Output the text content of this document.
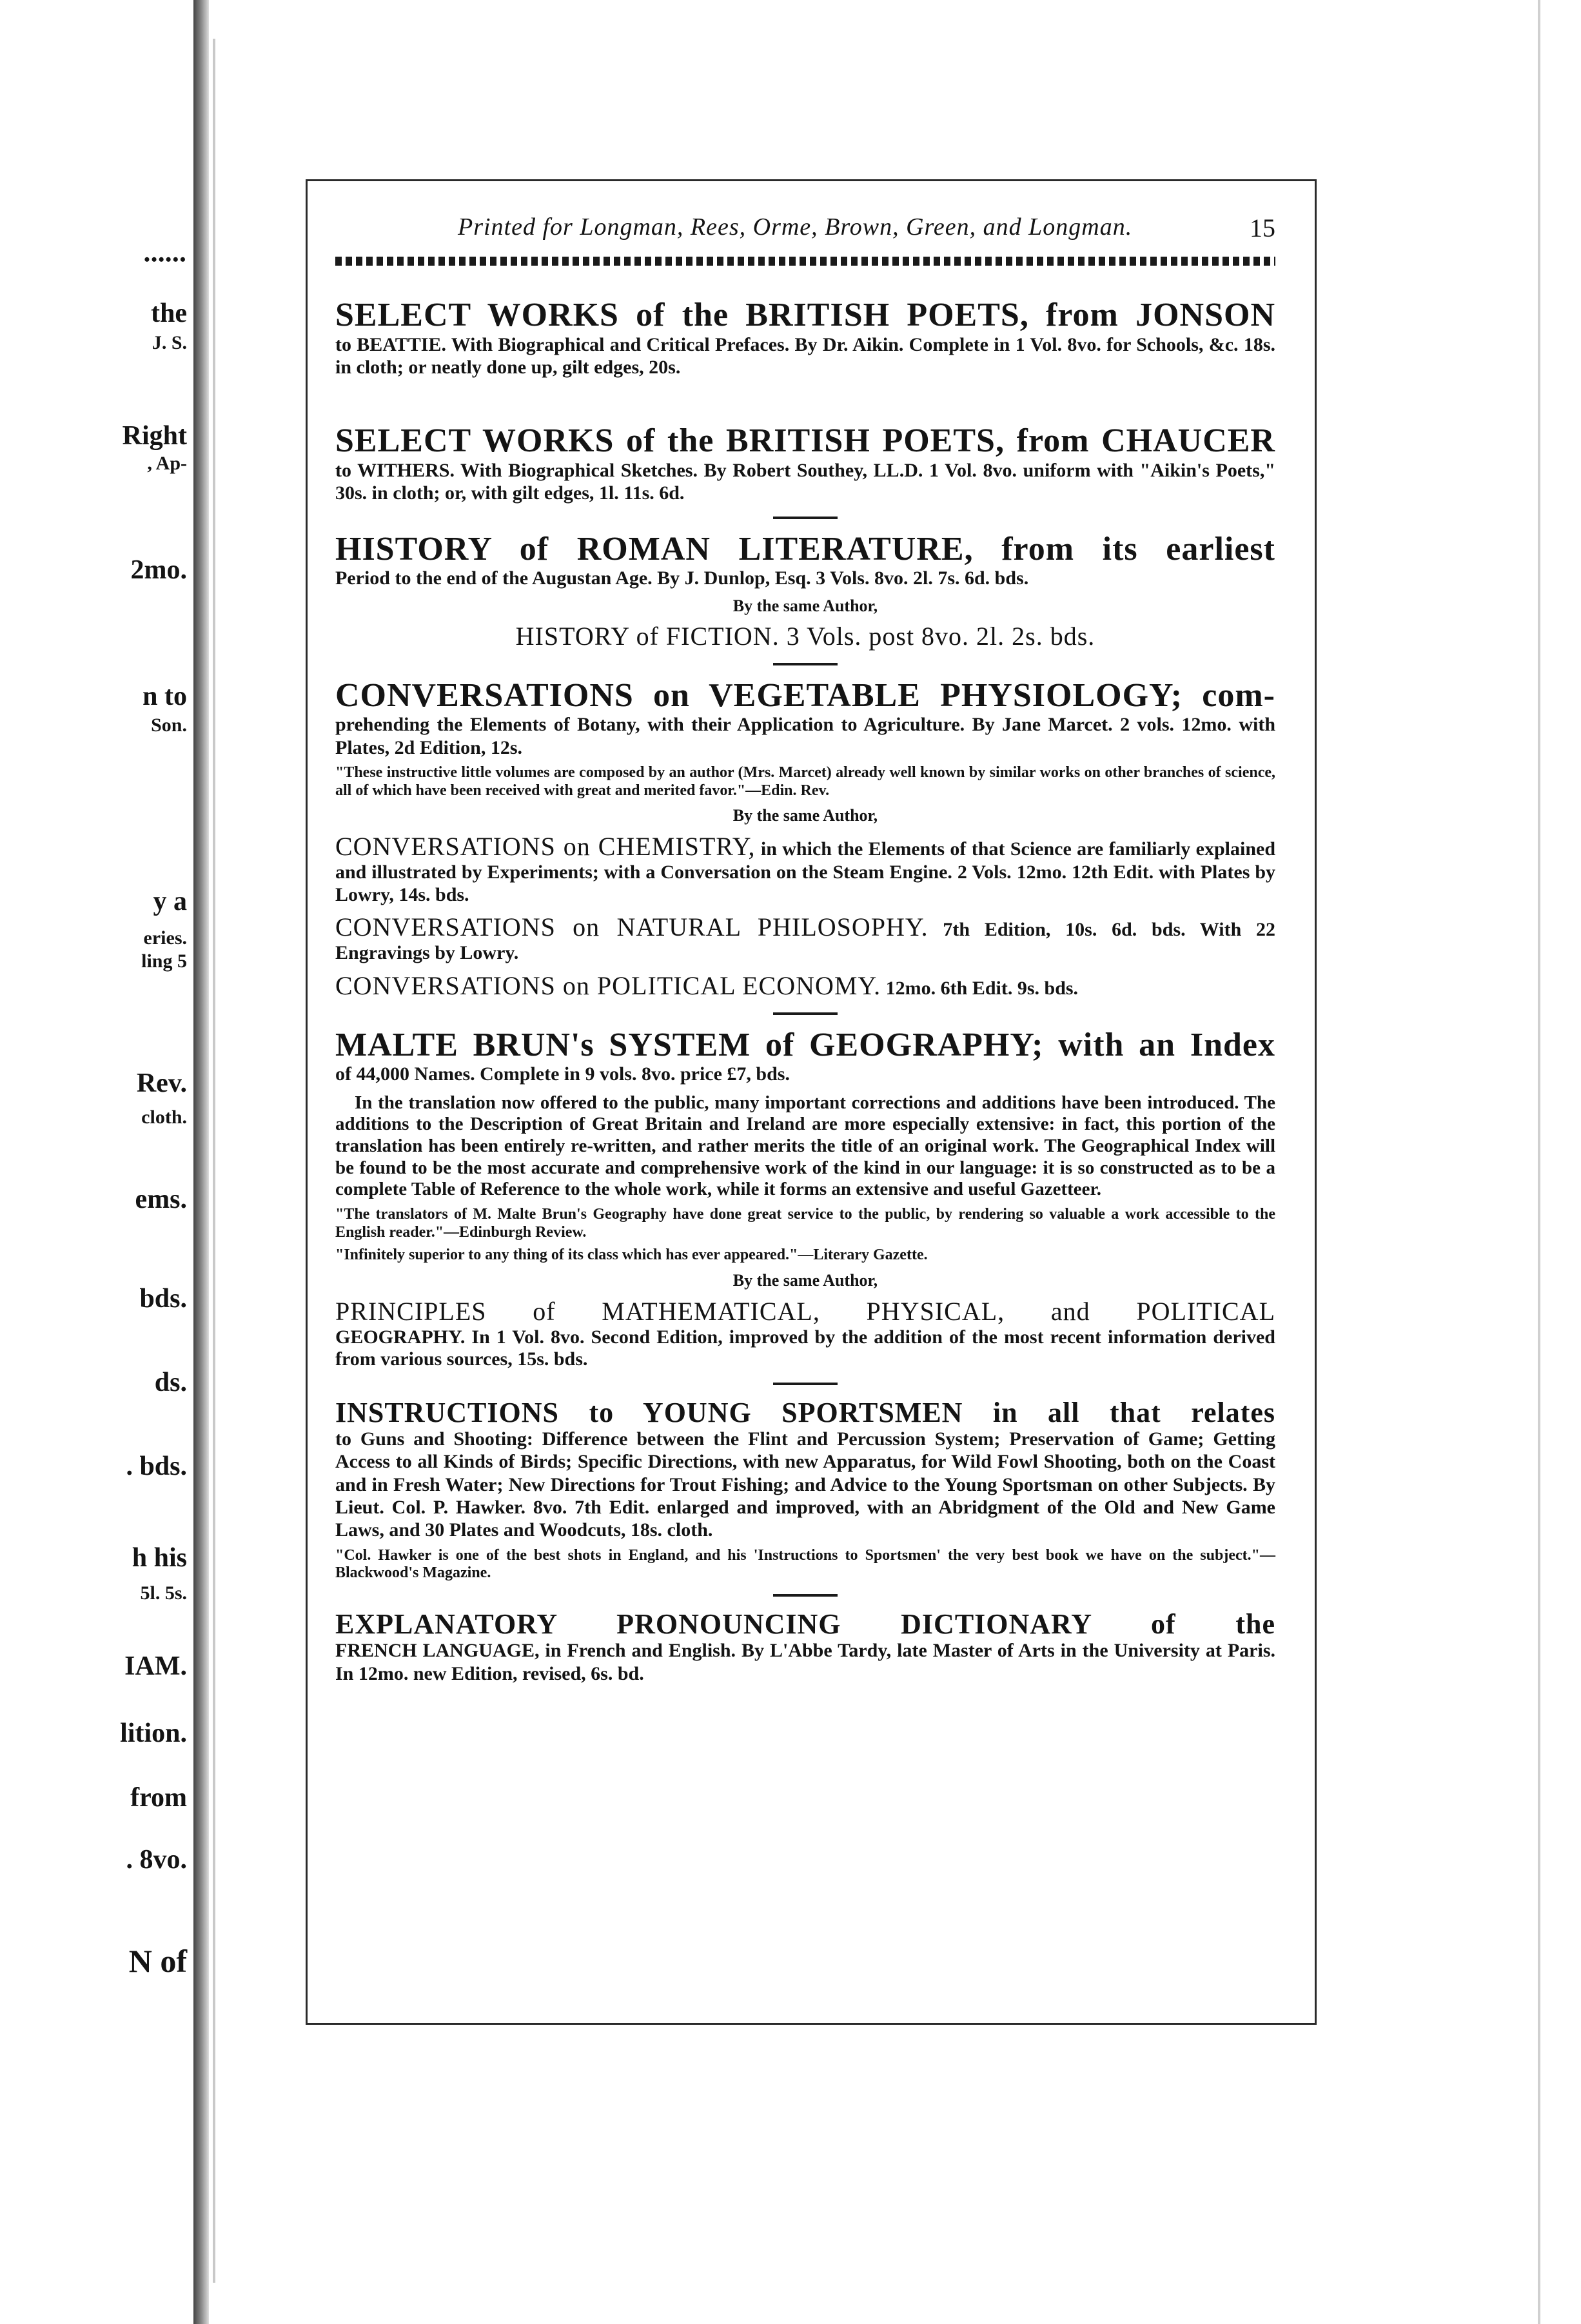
••••••
the
J. S.
Right
, Ap-
2mo.
n to
Son.
y a
eries.
ling 5
Rev.
cloth.
ems.
bds.
ds.
. bds.
h his
5l. 5s.
IAM.
lition.
from
. 8vo.
N of
Printed for Longman, Rees, Orme, Brown, Green, and Longman.	15
SELECT WORKS of the BRITISH POETS, from JONSON
to BEATTIE. With Biographical and Critical Prefaces. By Dr. Aikin. Complete in 1 Vol. 8vo. for Schools, &c. 18s. in cloth; or neatly done up, gilt edges, 20s.
SELECT WORKS of the BRITISH POETS, from CHAUCER
to WITHERS. With Biographical Sketches. By Robert Southey, LL.D. 1 Vol. 8vo. uniform with "Aikin's Poets," 30s. in cloth; or, with gilt edges, 1l. 11s. 6d.
HISTORY of ROMAN LITERATURE, from its earliest
Period to the end of the Augustan Age. By J. Dunlop, Esq. 3 Vols. 8vo. 2l. 7s. 6d. bds.
By the same Author,
HISTORY of FICTION. 3 Vols. post 8vo. 2l. 2s. bds.
CONVERSATIONS on VEGETABLE PHYSIOLOGY; com-
prehending the Elements of Botany, with their Application to Agriculture. By Jane Marcet. 2 vols. 12mo. with Plates, 2d Edition, 12s.
"These instructive little volumes are composed by an author (Mrs. Marcet) already well known by similar works on other branches of science, all of which have been received with great and merited favor."—Edin. Rev.
By the same Author,
CONVERSATIONS on CHEMISTRY, in which the Elements of that Science are familiarly explained and illustrated by Experiments; with a Conversation on the Steam Engine. 2 Vols. 12mo. 12th Edit. with Plates by Lowry, 14s. bds.
CONVERSATIONS on NATURAL PHILOSOPHY. 7th Edition, 10s. 6d. bds. With 22 Engravings by Lowry.
CONVERSATIONS on POLITICAL ECONOMY. 12mo. 6th Edit. 9s. bds.
MALTE BRUN's SYSTEM of GEOGRAPHY; with an Index
of 44,000 Names. Complete in 9 vols. 8vo. price £7, bds.
In the translation now offered to the public, many important corrections and additions have been introduced. The additions to the Description of Great Britain and Ireland are more especially extensive: in fact, this portion of the translation has been entirely re-written, and rather merits the title of an original work. The Geographical Index will be found to be the most accurate and comprehensive work of the kind in our language: it is so constructed as to be a complete Table of Reference to the whole work, while it forms an extensive and useful Gazetteer.
"The translators of M. Malte Brun's Geography have done great service to the public, by rendering so valuable a work accessible to the English reader."—Edinburgh Review.
"Infinitely superior to any thing of its class which has ever appeared."—Literary Gazette.
By the same Author,
PRINCIPLES of MATHEMATICAL, PHYSICAL, and POLITICAL
GEOGRAPHY. In 1 Vol. 8vo. Second Edition, improved by the addition of the most recent information derived from various sources, 15s. bds.
INSTRUCTIONS to YOUNG SPORTSMEN in all that relates
to Guns and Shooting: Difference between the Flint and Percussion System; Preservation of Game; Getting Access to all Kinds of Birds; Specific Directions, with new Apparatus, for Wild Fowl Shooting, both on the Coast and in Fresh Water; New Directions for Trout Fishing; and Advice to the Young Sportsman on other Subjects. By Lieut. Col. P. Hawker. 8vo. 7th Edit. enlarged and improved, with an Abridgment of the Old and New Game Laws, and 30 Plates and Woodcuts, 18s. cloth.
"Col. Hawker is one of the best shots in England, and his 'Instructions to Sportsmen' the very best book we have on the subject."—Blackwood's Magazine.
EXPLANATORY PRONOUNCING DICTIONARY of the
FRENCH LANGUAGE, in French and English. By L'Abbe Tardy, late Master of Arts in the University at Paris. In 12mo. new Edition, revised, 6s. bd.
